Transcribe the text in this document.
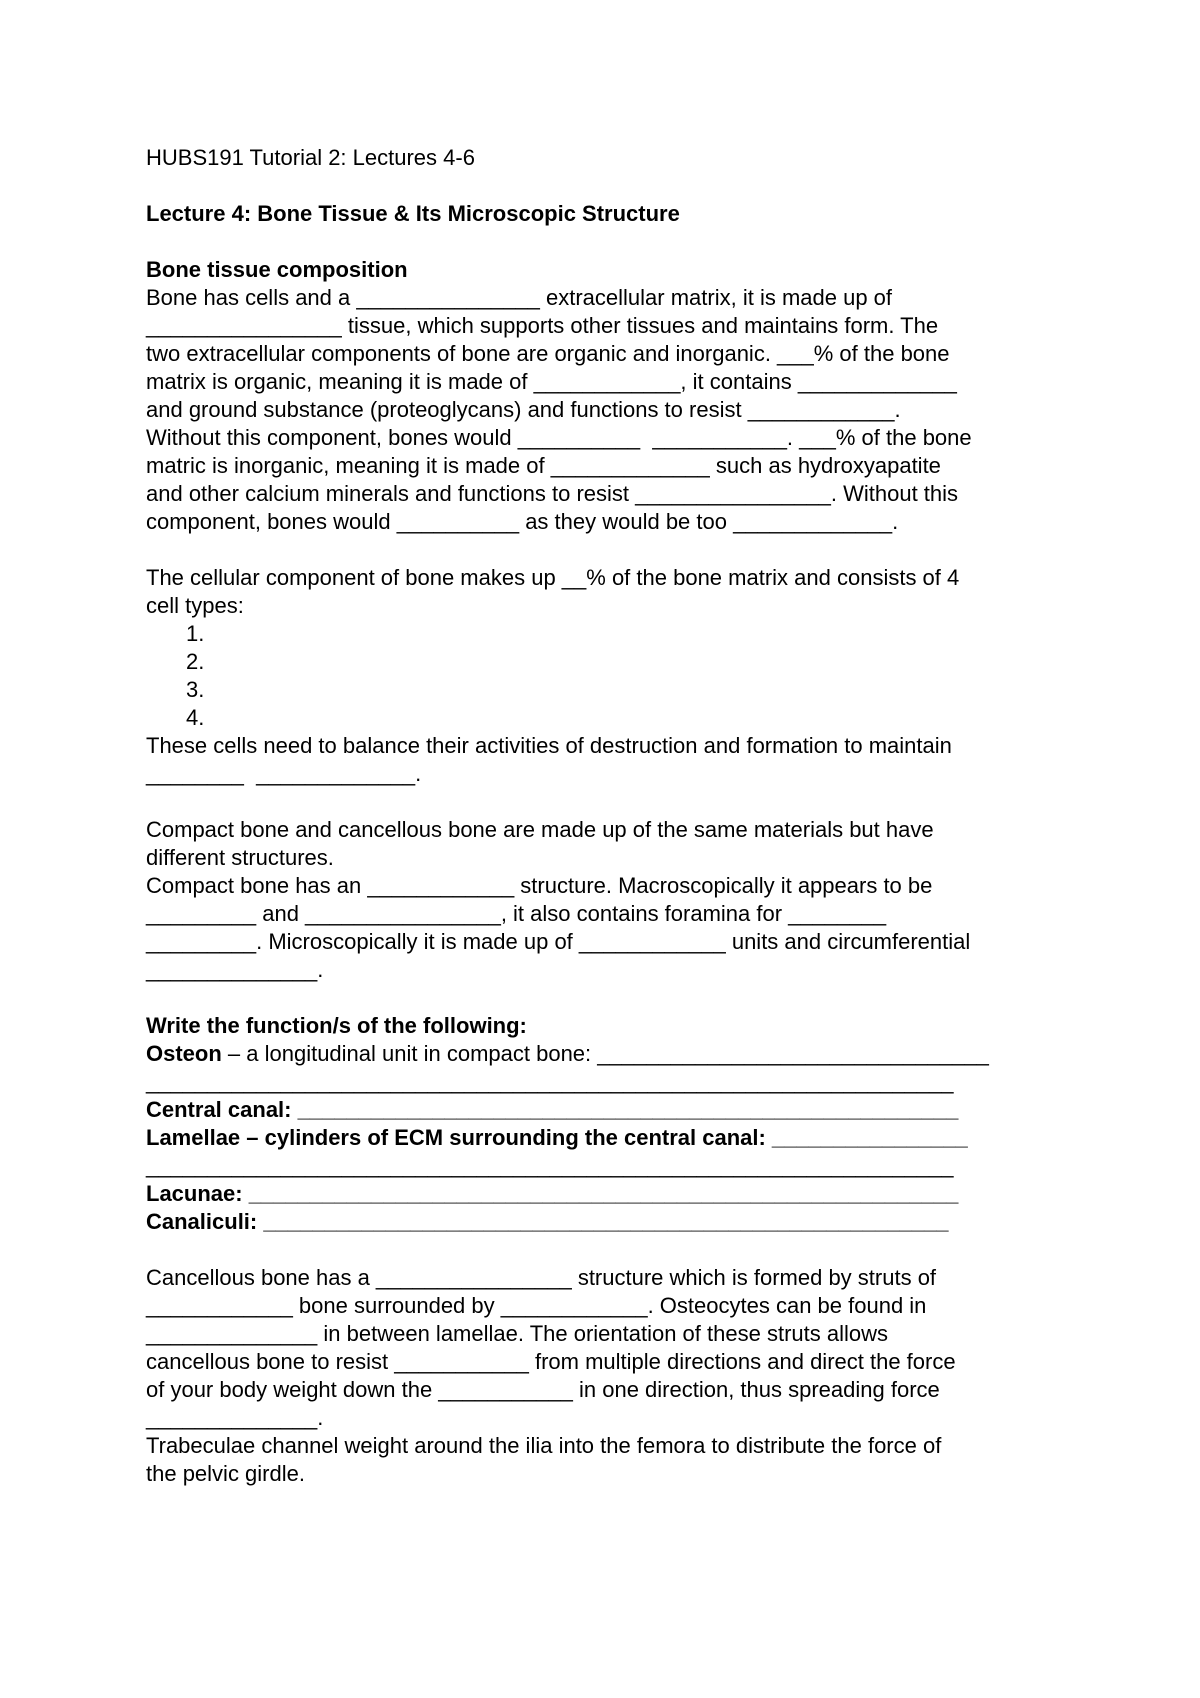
HUBS191 Tutorial 2: Lectures 4-6
Lecture 4: Bone Tissue & Its Microscopic Structure
Bone tissue composition
Bone has cells and a _______________ extracellular matrix, it is made up of
________________ tissue, which supports other tissues and maintains form. The
two extracellular components of bone are organic and inorganic. ___% of the bone
matrix is organic, meaning it is made of ____________, it contains _____________
and ground substance (proteoglycans) and functions to resist ____________.
Without this component, bones would __________  ___________. ___% of the bone
matric is inorganic, meaning it is made of _____________ such as hydroxyapatite
and other calcium minerals and functions to resist ________________. Without this
component, bones would __________ as they would be too _____________.
The cellular component of bone makes up __% of the bone matrix and consists of 4
cell types:
1.
2.
3.
4.
These cells need to balance their activities of destruction and formation to maintain
________  _____________.
Compact bone and cancellous bone are made up of the same materials but have
different structures.
Compact bone has an ____________ structure. Macroscopically it appears to be
_________ and ________________, it also contains foramina for ________
_________. Microscopically it is made up of ____________ units and circumferential
______________.
Write the function/s of the following:
Osteon – a longitudinal unit in compact bone: ________________________________
__________________________________________________________________
Central canal: ______________________________________________________
Lamellae – cylinders of ECM surrounding the central canal: ________________
__________________________________________________________________
Lacunae: __________________________________________________________
Canaliculi: ________________________________________________________
Cancellous bone has a ________________ structure which is formed by struts of
____________ bone surrounded by ____________. Osteocytes can be found in
______________ in between lamellae. The orientation of these struts allows
cancellous bone to resist ___________ from multiple directions and direct the force
of your body weight down the ___________ in one direction, thus spreading force
______________.
Trabeculae channel weight around the ilia into the femora to distribute the force of
the pelvic girdle.
